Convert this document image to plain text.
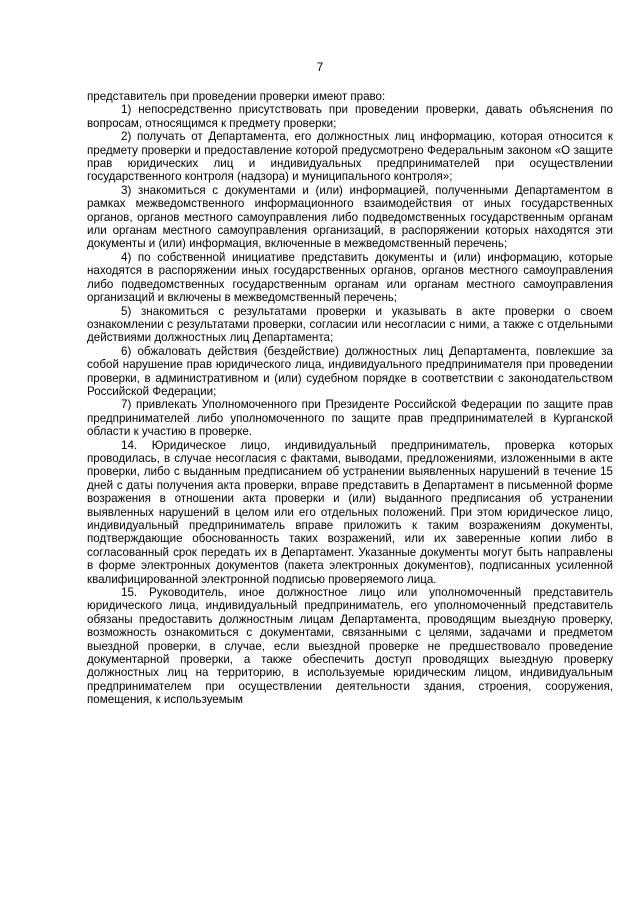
7

представитель при проведении проверки имеют право:

1) непосредственно присутствовать при проведении проверки, давать объяснения по вопросам, относящимся к предмету проверки;

2) получать от Департамента, его должностных лиц информацию, которая относится к предмету проверки и предоставление которой предусмотрено Федеральным законом «О защите прав юридических лиц и индивидуальных предпринимателей при осуществлении государственного контроля (надзора) и муниципального контроля»;

3) знакомиться с документами и (или) информацией, полученными Департаментом в рамках межведомственного информационного взаимодействия от иных государственных органов, органов местного самоуправления либо подведомственных государственным органам или органам местного самоуправления организаций, в распоряжении которых находятся эти документы и (или) информация, включенные в межведомственный перечень;

4) по собственной инициативе представить документы и (или) информацию, которые находятся в распоряжении иных государственных органов, органов местного самоуправления либо подведомственных государственным органам или органам местного самоуправления организаций и включены в межведомственный перечень;

5) знакомиться с результатами проверки и указывать в акте проверки о своем ознакомлении с результатами проверки, согласии или несогласии с ними, а также с отдельными действиями должностных лиц Департамента;

6) обжаловать действия (бездействие) должностных лиц Департамента, повлекшие за собой нарушение прав юридического лица, индивидуального предпринимателя при проведении проверки, в административном и (или) судебном порядке в соответствии с законодательством Российской Федерации;

7) привлекать Уполномоченного при Президенте Российской Федерации по защите прав предпринимателей либо уполномоченного по защите прав предпринимателей в Курганской области к участию в проверке.

14. Юридическое лицо, индивидуальный предприниматель, проверка которых проводилась, в случае несогласия с фактами, выводами, предложениями, изложенными в акте проверки, либо с выданным предписанием об устранении выявленных нарушений в течение 15 дней с даты получения акта проверки, вправе представить в Департамент в письменной форме возражения в отношении акта проверки и (или) выданного предписания об устранении выявленных нарушений в целом или его отдельных положений. При этом юридическое лицо, индивидуальный предприниматель вправе приложить к таким возражениям документы, подтверждающие обоснованность таких возражений, или их заверенные копии либо в согласованный срок передать их в Департамент. Указанные документы могут быть направлены в форме электронных документов (пакета электронных документов), подписанных усиленной квалифицированной электронной подписью проверяемого лица.

15. Руководитель, иное должностное лицо или уполномоченный представитель юридического лица, индивидуальный предприниматель, его уполномоченный представитель обязаны предоставить должностным лицам Департамента, проводящим выездную проверку, возможность ознакомиться с документами, связанными с целями, задачами и предметом выездной проверки, в случае, если выездной проверке не предшествовало проведение документарной проверки, а также обеспечить доступ проводящих выездную проверку должностных лиц на территорию, в используемые юридическим лицом, индивидуальным предпринимателем при осуществлении деятельности здания, строения, сооружения, помещения, к используемым
